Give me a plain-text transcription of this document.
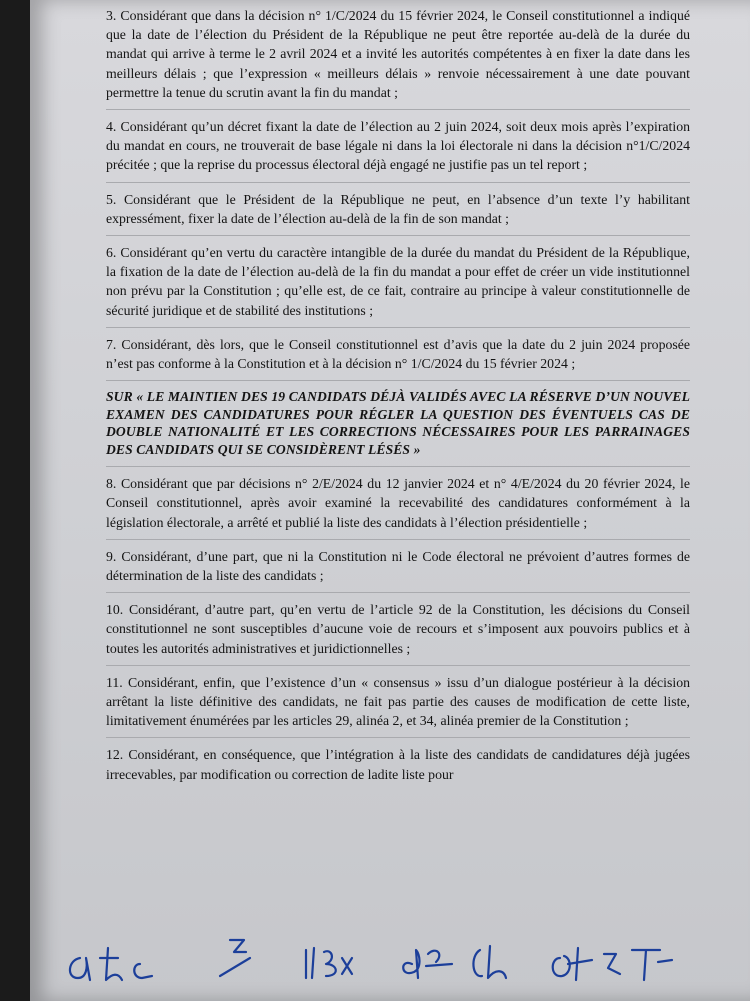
3. Considérant que dans la décision n° 1/C/2024 du 15 février 2024, le Conseil constitutionnel a indiqué que la date de l’élection du Président de la République ne peut être reportée au-delà de la durée du mandat qui arrive à terme le 2 avril 2024 et a invité les autorités compétentes à en fixer la date dans les meilleurs délais ; que l’expression « meilleurs délais » renvoie nécessairement à une date pouvant permettre la tenue du scrutin avant la fin du mandat ;

4. Considérant qu’un décret fixant la date de l’élection au 2 juin 2024, soit deux mois après l’expiration du mandat en cours, ne trouverait de base légale ni dans la loi électorale ni dans la décision n°1/C/2024 précitée ; que la reprise du processus électoral déjà engagé ne justifie pas un tel report ;

5. Considérant que le Président de la République ne peut, en l’absence d’un texte l’y habilitant expressément, fixer la date de l’élection au-delà de la fin de son mandat ;

6. Considérant qu’en vertu du caractère intangible de la durée du mandat du Président de la République, la fixation de la date de l’élection au-delà de la fin du mandat a pour effet de créer un vide institutionnel non prévu par la Constitution ; qu’elle est, de ce fait, contraire au principe à valeur constitutionnelle de sécurité juridique et de stabilité des institutions ;

7. Considérant, dès lors, que le Conseil constitutionnel est d’avis que la date du 2 juin 2024 proposée n’est pas conforme à la Constitution et à la décision n° 1/C/2024 du 15 février 2024 ;

SUR « LE MAINTIEN DES 19 CANDIDATS DÉJÀ VALIDÉS AVEC LA RÉSERVE D’UN NOUVEL EXAMEN DES CANDIDATURES POUR RÉGLER LA QUESTION DES ÉVENTUELS CAS DE DOUBLE NATIONALITÉ ET LES CORRECTIONS NÉCESSAIRES POUR LES PARRAINAGES DES CANDIDATS QUI SE CONSIDÈRENT LÉSÉS »

8. Considérant que par décisions n° 2/E/2024 du 12 janvier 2024 et n° 4/E/2024 du 20 février 2024, le Conseil constitutionnel, après avoir examiné la recevabilité des candidatures conformément à la législation électorale, a arrêté et publié la liste des candidats à l’élection présidentielle ;

9. Considérant, d’une part, que ni la Constitution ni le Code électoral ne prévoient d’autres formes de détermination de la liste des candidats ;

10. Considérant, d’autre part, qu’en vertu de l’article 92 de la Constitution, les décisions du Conseil constitutionnel ne sont susceptibles d’aucune voie de recours et s’imposent aux pouvoirs publics et à toutes les autorités administratives et juridictionnelles ;

11. Considérant, enfin, que l’existence d’un « consensus » issu d’un dialogue postérieur à la décision arrêtant la liste définitive des candidats, ne fait pas partie des causes de modification de cette liste, limitativement énumérées par les articles 29, alinéa 2, et 34, alinéa premier de la Constitution ;

12. Considérant, en conséquence, que l’intégration à la liste des candidats de candidatures déjà jugées irrecevables, par modification ou correction de ladite liste pour
